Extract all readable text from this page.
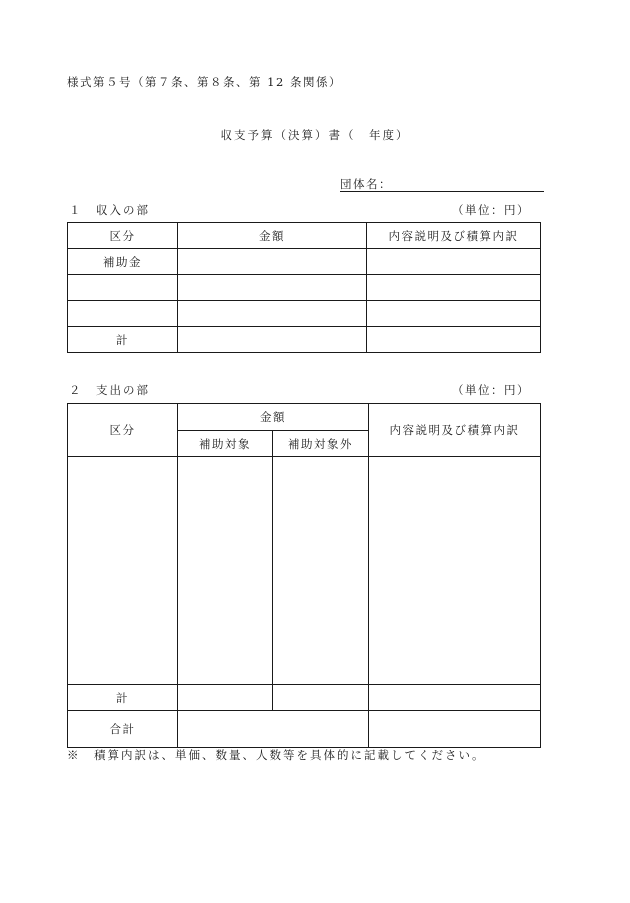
様式第５号（第７条、第８条、第 12 条関係）
収支予算（決算）書（　年度）
団体名：
１　収入の部	（単位：円）
区分	金額	内容説明及び積算内訳
補助金		

計		
２　支出の部	（単位：円）
区分	金額		内容説明及び積算内訳
	補助対象	補助対象外	

計			
合計			
※　積算内訳は、単価、数量、人数等を具体的に記載してください。
